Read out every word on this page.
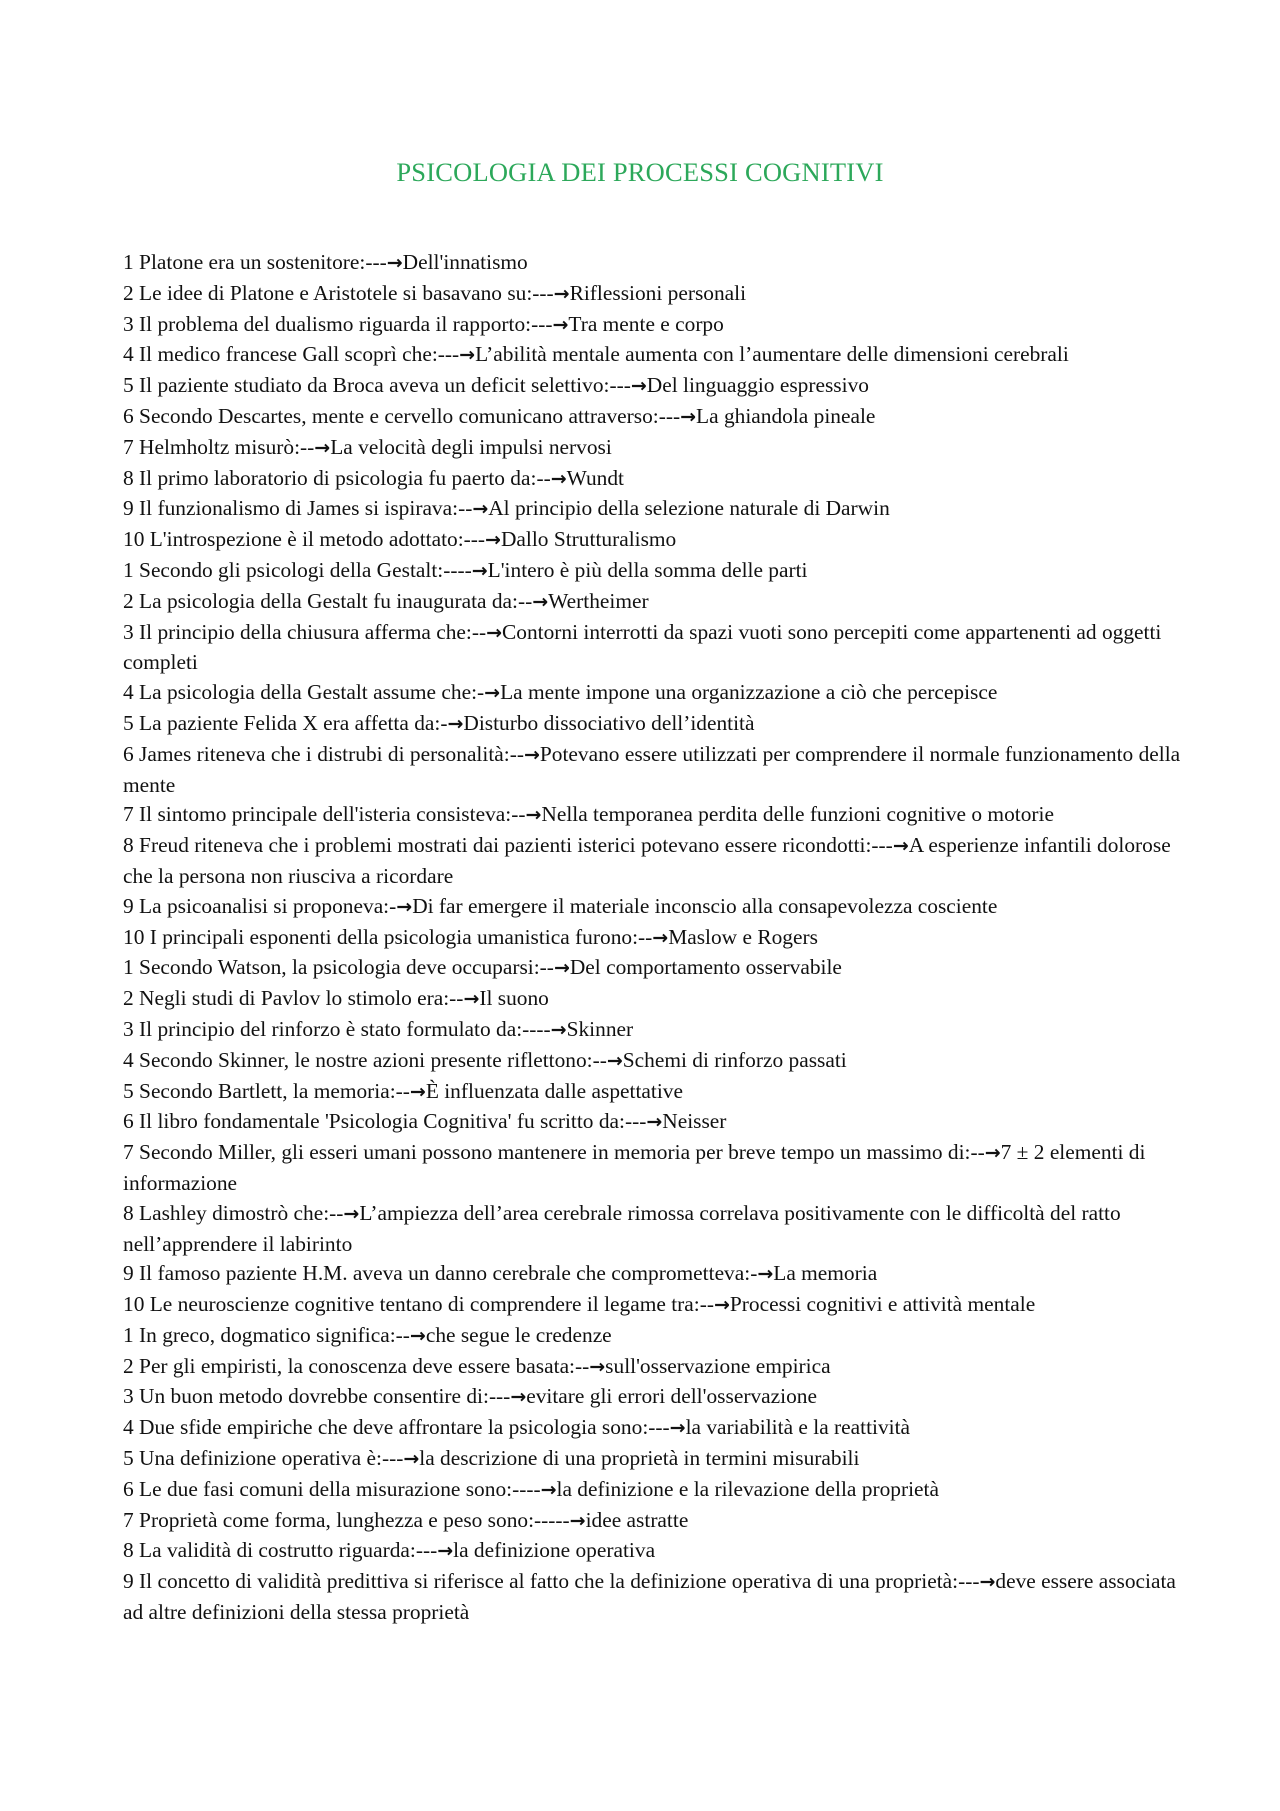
PSICOLOGIA DEI PROCESSI COGNITIVI
1 Platone era un sostenitore:---→Dell'innatismo
2 Le idee di Platone e Aristotele si basavano su:---→Riflessioni personali
3 Il problema del dualismo riguarda il rapporto:---→Tra mente e corpo
4 Il medico francese Gall scoprì che:---→L’abilità mentale aumenta con l’aumentare delle dimensioni cerebrali
5 Il paziente studiato da Broca aveva un deficit selettivo:---→Del linguaggio espressivo
6 Secondo Descartes, mente e cervello comunicano attraverso:---→La ghiandola pineale
7 Helmholtz misurò:--→La velocità degli impulsi nervosi
8 Il primo laboratorio di psicologia fu paerto da:--→Wundt
9 Il funzionalismo di James si ispirava:--→Al principio della selezione naturale di Darwin
10 L'introspezione è il metodo adottato:---→Dallo Strutturalismo
1 Secondo gli psicologi della Gestalt:----→L'intero è più della somma delle parti
2 La psicologia della Gestalt fu inaugurata da:--→Wertheimer
3 Il principio della chiusura afferma che:--→Contorni interrotti da spazi vuoti sono percepiti come appartenenti ad oggetti completi
4 La psicologia della Gestalt assume che:-→La mente impone una organizzazione a ciò che percepisce
5 La paziente Felida X era affetta da:-→Disturbo dissociativo dell’identità
6 James riteneva che i distrubi di personalità:--→Potevano essere utilizzati per comprendere il normale funzionamento della mente
7 Il sintomo principale dell'isteria consisteva:--→Nella temporanea perdita delle funzioni cognitive o motorie
8 Freud riteneva che i problemi mostrati dai pazienti isterici potevano essere ricondotti:---→A esperienze infantili dolorose che la persona non riusciva a ricordare
9 La psicoanalisi si proponeva:-→Di far emergere il materiale inconscio alla consapevolezza cosciente
10 I principali esponenti della psicologia umanistica furono:--→Maslow e Rogers
1 Secondo Watson, la psicologia deve occuparsi:--→Del comportamento osservabile
2 Negli studi di Pavlov lo stimolo era:--→Il suono
3 Il principio del rinforzo è stato formulato da:----→Skinner
4 Secondo Skinner, le nostre azioni presente riflettono:--→Schemi di rinforzo passati
5 Secondo Bartlett, la memoria:--→È influenzata dalle aspettative
6 Il libro fondamentale 'Psicologia Cognitiva' fu scritto da:---→Neisser
7 Secondo Miller, gli esseri umani possono mantenere in memoria per breve tempo un massimo di:--→7 ± 2 elementi di informazione
8 Lashley dimostrò che:--→L’ampiezza dell’area cerebrale rimossa correlava positivamente con le difficoltà del ratto nell’apprendere il labirinto
9 Il famoso paziente H.M. aveva un danno cerebrale che comprometteva:-→La memoria
10 Le neuroscienze cognitive tentano di comprendere il legame tra:--→Processi cognitivi e attività mentale
1 In greco, dogmatico significa:--→che segue le credenze
2 Per gli empiristi, la conoscenza deve essere basata:--→sull'osservazione empirica
3 Un buon metodo dovrebbe consentire di:---→evitare gli errori dell'osservazione
4 Due sfide empiriche che deve affrontare la psicologia sono:---→la variabilità e la reattività
5 Una definizione operativa è:---→la descrizione di una proprietà in termini misurabili
6 Le due fasi comuni della misurazione sono:----→la definizione e la rilevazione della proprietà
7 Proprietà come forma, lunghezza e peso sono:-----→idee astratte
8 La validità di costrutto riguarda:---→la definizione operativa
9 Il concetto di validità predittiva si riferisce al fatto che la definizione operativa di una proprietà:---→deve essere associata ad altre definizioni della stessa proprietà
